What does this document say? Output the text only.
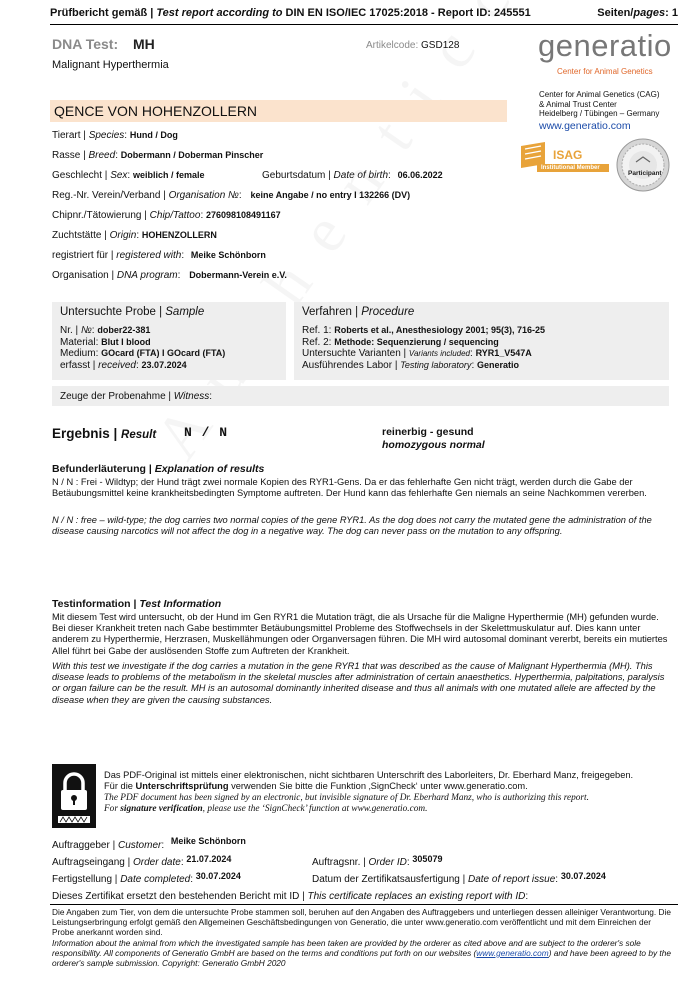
Prüfbericht gemäß | Test report according to DIN EN ISO/IEC 17025:2018 - Report ID: 245551	Seiten/pages: 1
DNA Test: MH
Malignant Hyperthermia
Artikelcode: GSD128	generatio
Center for Animal Genetics
Center for Animal Genetics (CAG)
& Animal Trust Center
Heidelberg / Tübingen – Germany
www.generatio.com
ISAG
Institutional Member
Participant
QENCE VON HOHENZOLLERN
Tierart | Species: Hund / Dog
Rasse | Breed: Dobermann / Doberman Pinscher
Geschlecht | Sex: weiblich / female	Geburtsdatum | Date of birth: 06.06.2022
Reg.-Nr. Verein/Verband | Organisation №: keine Angabe / no entry I 132266 (DV)
Chipnr./Tätowierung | Chip/Tattoo: 276098108491167
Zuchtstätte | Origin: HOHENZOLLERN
registriert für | registered with: Meike Schönborn
Organisation | DNA program: Dobermann-Verein e.V.
Untersuchte Probe | Sample
Nr. | №: dober22-381
Material: Blut I blood
Medium: GOcard (FTA) I GOcard (FTA)
erfasst | received: 23.07.2024
Verfahren | Procedure
Ref. 1: Roberts et al., Anesthesiology 2001; 95(3), 716-25
Ref. 2: Methode: Sequenzierung / sequencing
Untersuchte Varianten | Variants included: RYR1_V547A
Ausführendes Labor | Testing laboratory: Generatio
Zeuge der Probenahme | Witness:
Ergebnis | Result N / N	reinerbig - gesund
homozygous normal
Befunderläuterung | Explanation of results
N / N : Frei - Wildtyp; der Hund trägt zwei normale Kopien des RYR1-Gens. Da er das fehlerhafte Gen nicht trägt, werden durch die Gabe der Betäubungsmittel keine krankheitsbedingten Symptome auftreten. Der Hund kann das fehlerhafte Gen niemals an seine Nachkommen vererben.
N / N : free – wild-type; the dog carries two normal copies of the gene RYR1. As the dog does not carry the mutated gene the administration of the disease causing narcotics will not affect the dog in a negative way. The dog can never pass on the mutation to any offspring.
Testinformation | Test Information
Mit diesem Test wird untersucht, ob der Hund im Gen RYR1 die Mutation trägt, die als Ursache für die Maligne Hyperthermie (MH) gefunden wurde. Bei dieser Krankheit treten nach Gabe bestimmter Betäubungsmittel Probleme des Stoffwechsels in der Skelettmuskulatur auf. Dies kann unter anderem zu Hyperthermie, Herzrasen, Muskellähmungen oder Organversagen führen. Die MH wird autosomal dominant vererbt, bereits ein mutiertes Allel führt bei Gabe der auslösenden Stoffe zum Auftreten der Krankheit.
With this test we investigate if the dog carries a mutation in the gene RYR1 that was described as the cause of Malignant Hyperthermia (MH). This disease leads to problems of the metabolism in the skeletal muscles after administration of certain anaesthetics. Hyperthermia, palpitations, paralysis or organ failure can be the result. MH is an autosomal dominantly inherited disease and thus all animals with one mutated allele are affected by the disease when they are given the causing substances.
Das PDF-Original ist mittels einer elektronischen, nicht sichtbaren Unterschrift des Laborleiters, Dr. Eberhard Manz, freigegeben.
Für die Unterschriftsprüfung verwenden Sie bitte die Funktion ‚SignCheck‘ unter www.generatio.com.
The PDF document has been signed by an electronic, but invisible signature of Dr. Eberhard Manz, who is authorizing this report.
For signature verification, please use the ‘SignCheck’ function at www.generatio.com.
Auftraggeber | Customer: Meike Schönborn
Auftragseingang | Order date: 21.07.2024	Auftragsnr. | Order ID: 305079
Fertigstellung | Date completed: 30.07.2024	Datum der Zertifikatsausfertigung | Date of report issue: 30.07.2024
Dieses Zertifikat ersetzt den bestehenden Bericht mit ID | This certificate replaces an existing report with ID:
Die Angaben zum Tier, von dem die untersuchte Probe stammen soll, beruhen auf den Angaben des Auftraggebers und unterliegen dessen alleiniger Verantwortung. Die Leistungserbringung erfolgt gemäß den Allgemeinen Geschäftsbedingungen von Generatio, die unter www.generatio.com veröffentlicht und mit dem Einreichen der Probe anerkannt worden sind.
Information about the animal from which the investigated sample has been taken are provided by the orderer as cited above and are subject to the orderer's sole responsibility. All components of Generatio GmbH are based on the terms and conditions put forth on our websites (www.generatio.com) and have been agreed to by the orderer's sample submission. Copyright: Generatio GmbH 2020
